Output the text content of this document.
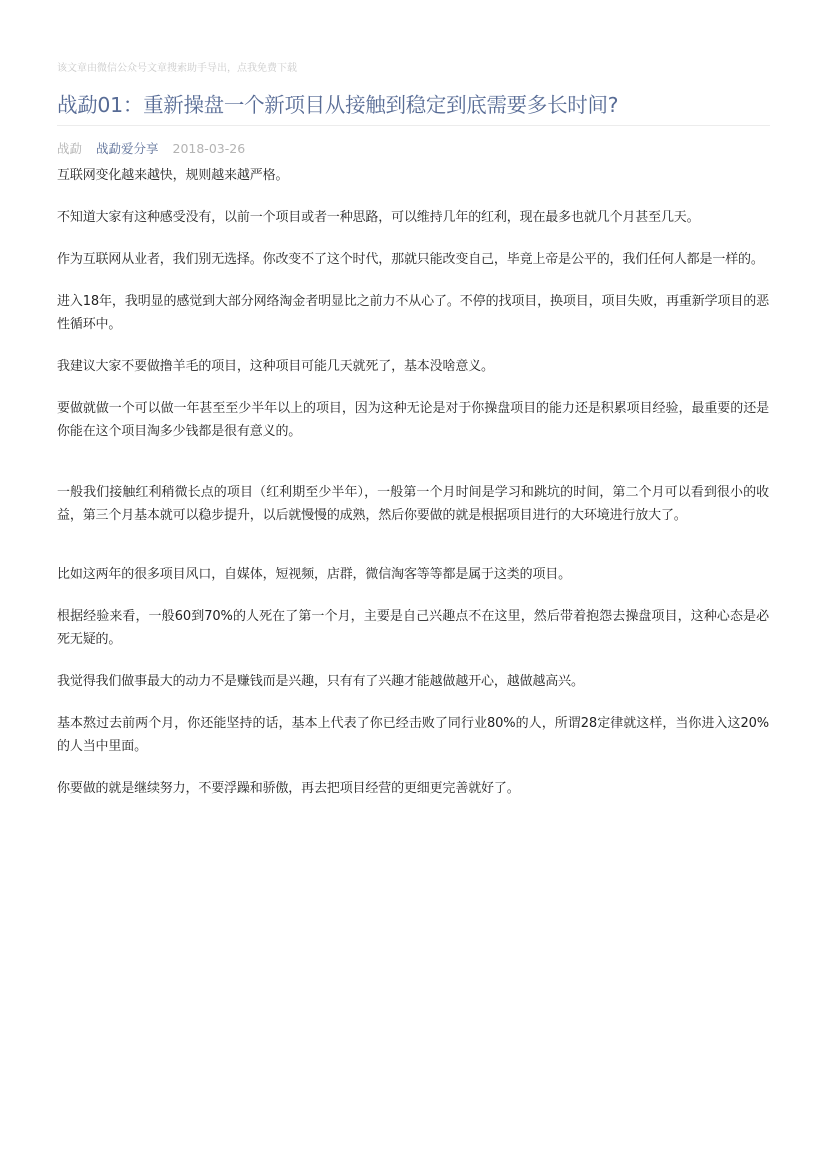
该文章由微信公众号文章搜索助手导出，点我免费下载
战勐01：重新操盘一个新项目从接触到稳定到底需要多长时间?
战勐 战勐爱分享 2018-03-26

互联网变化越来越快，规则越来越严格。

不知道大家有这种感受没有，以前一个项目或者一种思路，可以维持几年的红利，现在最多也就几个月甚至几天。

作为互联网从业者，我们别无选择。你改变不了这个时代，那就只能改变自己，毕竟上帝是公平的，我们任何人都是一样的。

进入18年，我明显的感觉到大部分网络淘金者明显比之前力不从心了。不停的找项目，换项目，项目失败，再重新学项目的恶性循环中。

我建议大家不要做撸羊毛的项目，这种项目可能几天就死了，基本没啥意义。

要做就做一个可以做一年甚至至少半年以上的项目，因为这种无论是对于你操盘项目的能力还是积累项目经验，最重要的还是你能在这个项目淘多少钱都是很有意义的。

一般我们接触红利稍微长点的项目（红利期至少半年），一般第一个月时间是学习和跳坑的时间，第二个月可以看到很小的收益，第三个月基本就可以稳步提升，以后就慢慢的成熟，然后你要做的就是根据项目进行的大环境进行放大了。

比如这两年的很多项目风口，自媒体，短视频，店群，微信淘客等等都是属于这类的项目。

根据经验来看，一般60到70%的人死在了第一个月，主要是自己兴趣点不在这里，然后带着抱怨去操盘项目，这种心态是必死无疑的。

我觉得我们做事最大的动力不是赚钱而是兴趣，只有有了兴趣才能越做越开心，越做越高兴。

基本熬过去前两个月，你还能坚持的话，基本上代表了你已经击败了同行业80%的人，所谓28定律就这样，当你进入这20%的人当中里面。

你要做的就是继续努力，不要浮躁和骄傲，再去把项目经营的更细更完善就好了。
